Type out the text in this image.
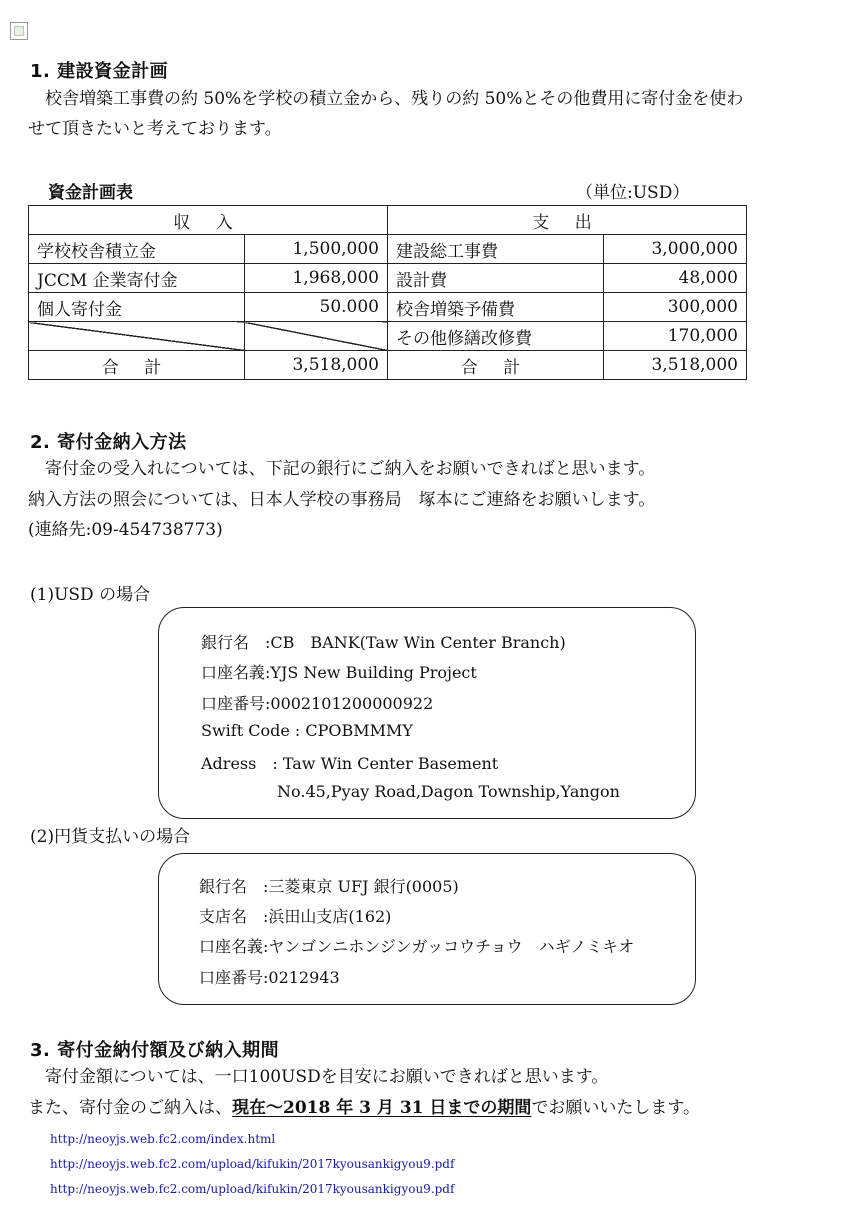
1. 建設資金計画
　校舎増築工事費の約 50%を学校の積立金から、残りの約 50%とその他費用に寄付金を使わ
せて頂きたいと考えております。
資金計画表	（単位:USD）
収 入		支 出	
学校校舎積立金	1,500,000	建設総工事費	3,000,000
JCCM 企業寄付金	1,968,000	設計費	48,000
個人寄付金	50.000	校舎増築予備費	300,000
		その他修繕改修費	170,000
合 計	3,518,000	合 計	3,518,000
2. 寄付金納入方法
　寄付金の受入れについては、下記の銀行にご納入をお願いできればと思います。
納入方法の照会については、日本人学校の事務局　塚本にご連絡をお願いします。
(連絡先:09-454738773)
(1)USD の場合
銀行名　:CB　BANK(Taw Win Center Branch)
口座名義:YJS New Building Project
口座番号:0002101200000922
Swift Code : CPOBMMMY
Adress　: Taw Win Center Basement
No.45,Pyay Road,Dagon Township,Yangon
(2)円貨支払いの場合
銀行名　:三菱東京 UFJ 銀行(0005)
支店名　:浜田山支店(162)
口座名義:ヤンゴンニホンジンガッコウチョウ　ハギノミキオ
口座番号:0212943
3. 寄付金納付額及び納入期間
　寄付金額については、一口100USDを目安にお願いできればと思います。
また、寄付金のご納入は、現在～2018 年 3 月 31 日までの期間でお願いいたします。
http://neoyjs.web.fc2.com/index.html
http://neoyjs.web.fc2.com/upload/kifukin/2017kyousankigyou9.pdf
http://neoyjs.web.fc2.com/upload/kifukin/2017kyousankigyou9.pdf
